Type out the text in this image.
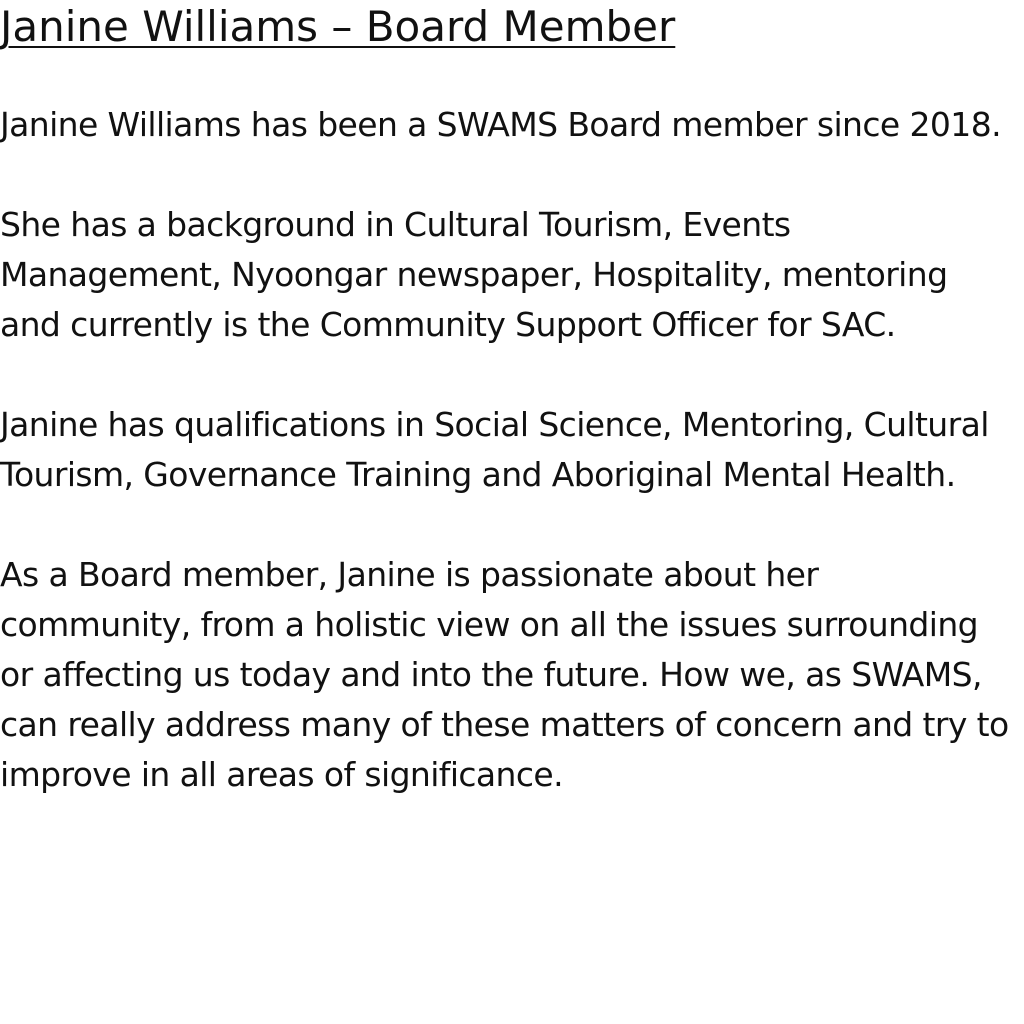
Janine Williams – Board Member

Janine Williams has been a SWAMS Board member since 2018.

She has a background in Cultural Tourism, Events Management, Nyoongar newspaper, Hospitality, mentoring and currently is the Community Support Officer for SAC.

Janine has qualifications in Social Science, Mentoring, Cultural Tourism, Governance Training and Aboriginal Mental Health.

As a Board member, Janine is passionate about her community, from a holistic view on all the issues surrounding or affecting us today and into the future. How we, as SWAMS, can really address many of these matters of concern and try to improve in all areas of significance.
